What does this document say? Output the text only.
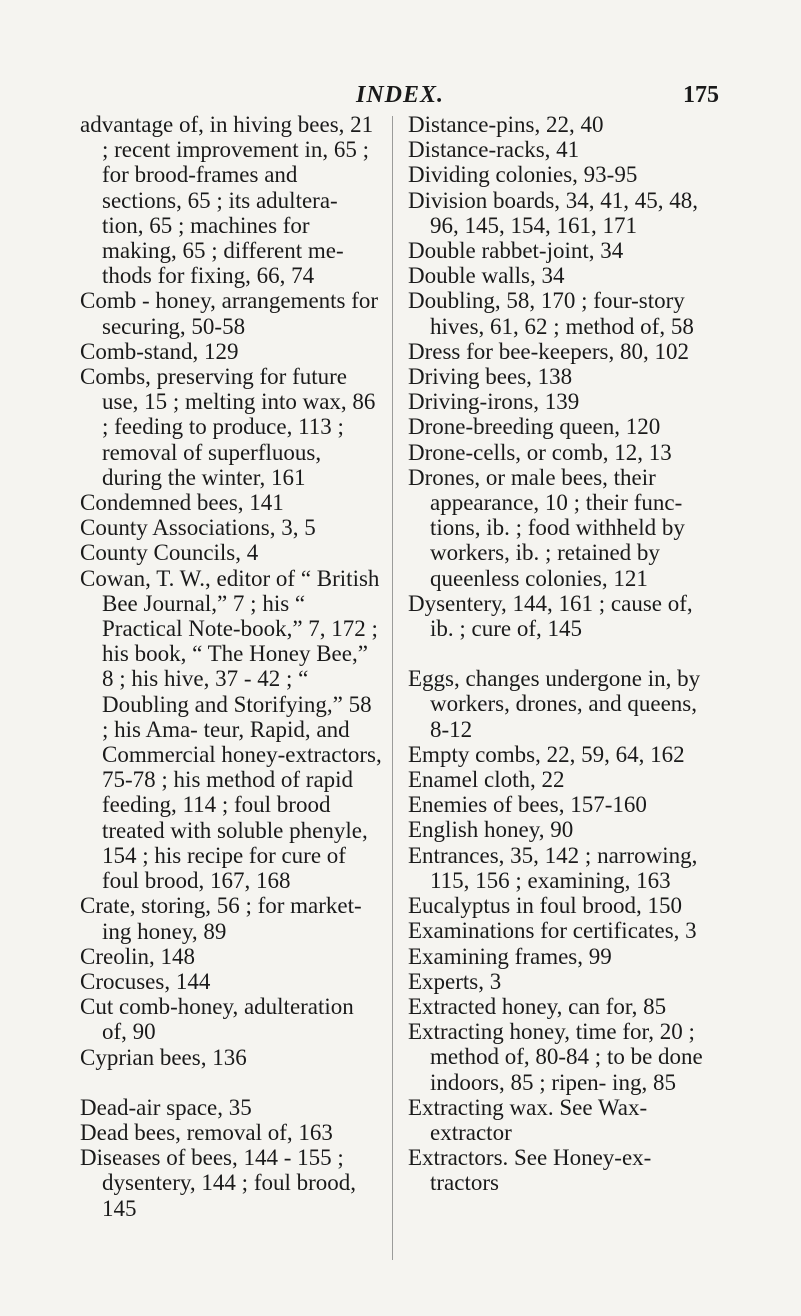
INDEX.	175

advantage of, in hiving bees, 21 ; recent improvement in, 65 ; for brood-frames and sections, 65 ; its adultera- tion, 65 ; machines for making, 65 ; different me- thods for fixing, 66, 74

Comb - honey, arrangements for securing, 50-58

Comb-stand, 129

Combs, preserving for future use, 15 ; melting into wax, 86 ; feeding to produce, 113 ; removal of superfluous, during the winter, 161

Condemned bees, 141

County Associations, 3, 5

County Councils, 4

Cowan, T. W., editor of “ British Bee Journal,” 7 ; his “ Practical Note-book,” 7, 172 ; his book, “ The Honey Bee,” 8 ; his hive, 37 - 42 ; “ Doubling and Storifying,” 58 ; his Ama- teur, Rapid, and Commercial honey-extractors, 75-78 ; his method of rapid feeding, 114 ; foul brood treated with soluble phenyle, 154 ; his recipe for cure of foul brood, 167, 168

Crate, storing, 56 ; for market- ing honey, 89

Creolin, 148

Crocuses, 144

Cut comb-honey, adulteration of, 90

Cyprian bees, 136

Dead-air space, 35

Dead bees, removal of, 163

Diseases of bees, 144 - 155 ; dysentery, 144 ; foul brood, 145

Distance-pins, 22, 40

Distance-racks, 41

Dividing colonies, 93-95

Division boards, 34, 41, 45, 48, 96, 145, 154, 161, 171

Double rabbet-joint, 34

Double walls, 34

Doubling, 58, 170 ; four-story hives, 61, 62 ; method of, 58

Dress for bee-keepers, 80, 102

Driving bees, 138

Driving-irons, 139

Drone-breeding queen, 120

Drone-cells, or comb, 12, 13

Drones, or male bees, their appearance, 10 ; their func- tions, ib. ; food withheld by workers, ib. ; retained by queenless colonies, 121

Dysentery, 144, 161 ; cause of, ib. ; cure of, 145

Eggs, changes undergone in, by workers, drones, and queens, 8-12

Empty combs, 22, 59, 64, 162

Enamel cloth, 22

Enemies of bees, 157-160

English honey, 90

Entrances, 35, 142 ; narrowing, 115, 156 ; examining, 163

Eucalyptus in foul brood, 150

Examinations for certificates, 3

Examining frames, 99

Experts, 3

Extracted honey, can for, 85

Extracting honey, time for, 20 ; method of, 80-84 ; to be done indoors, 85 ; ripen- ing, 85

Extracting wax. See Wax- extractor

Extractors. See Honey-ex- tractors
